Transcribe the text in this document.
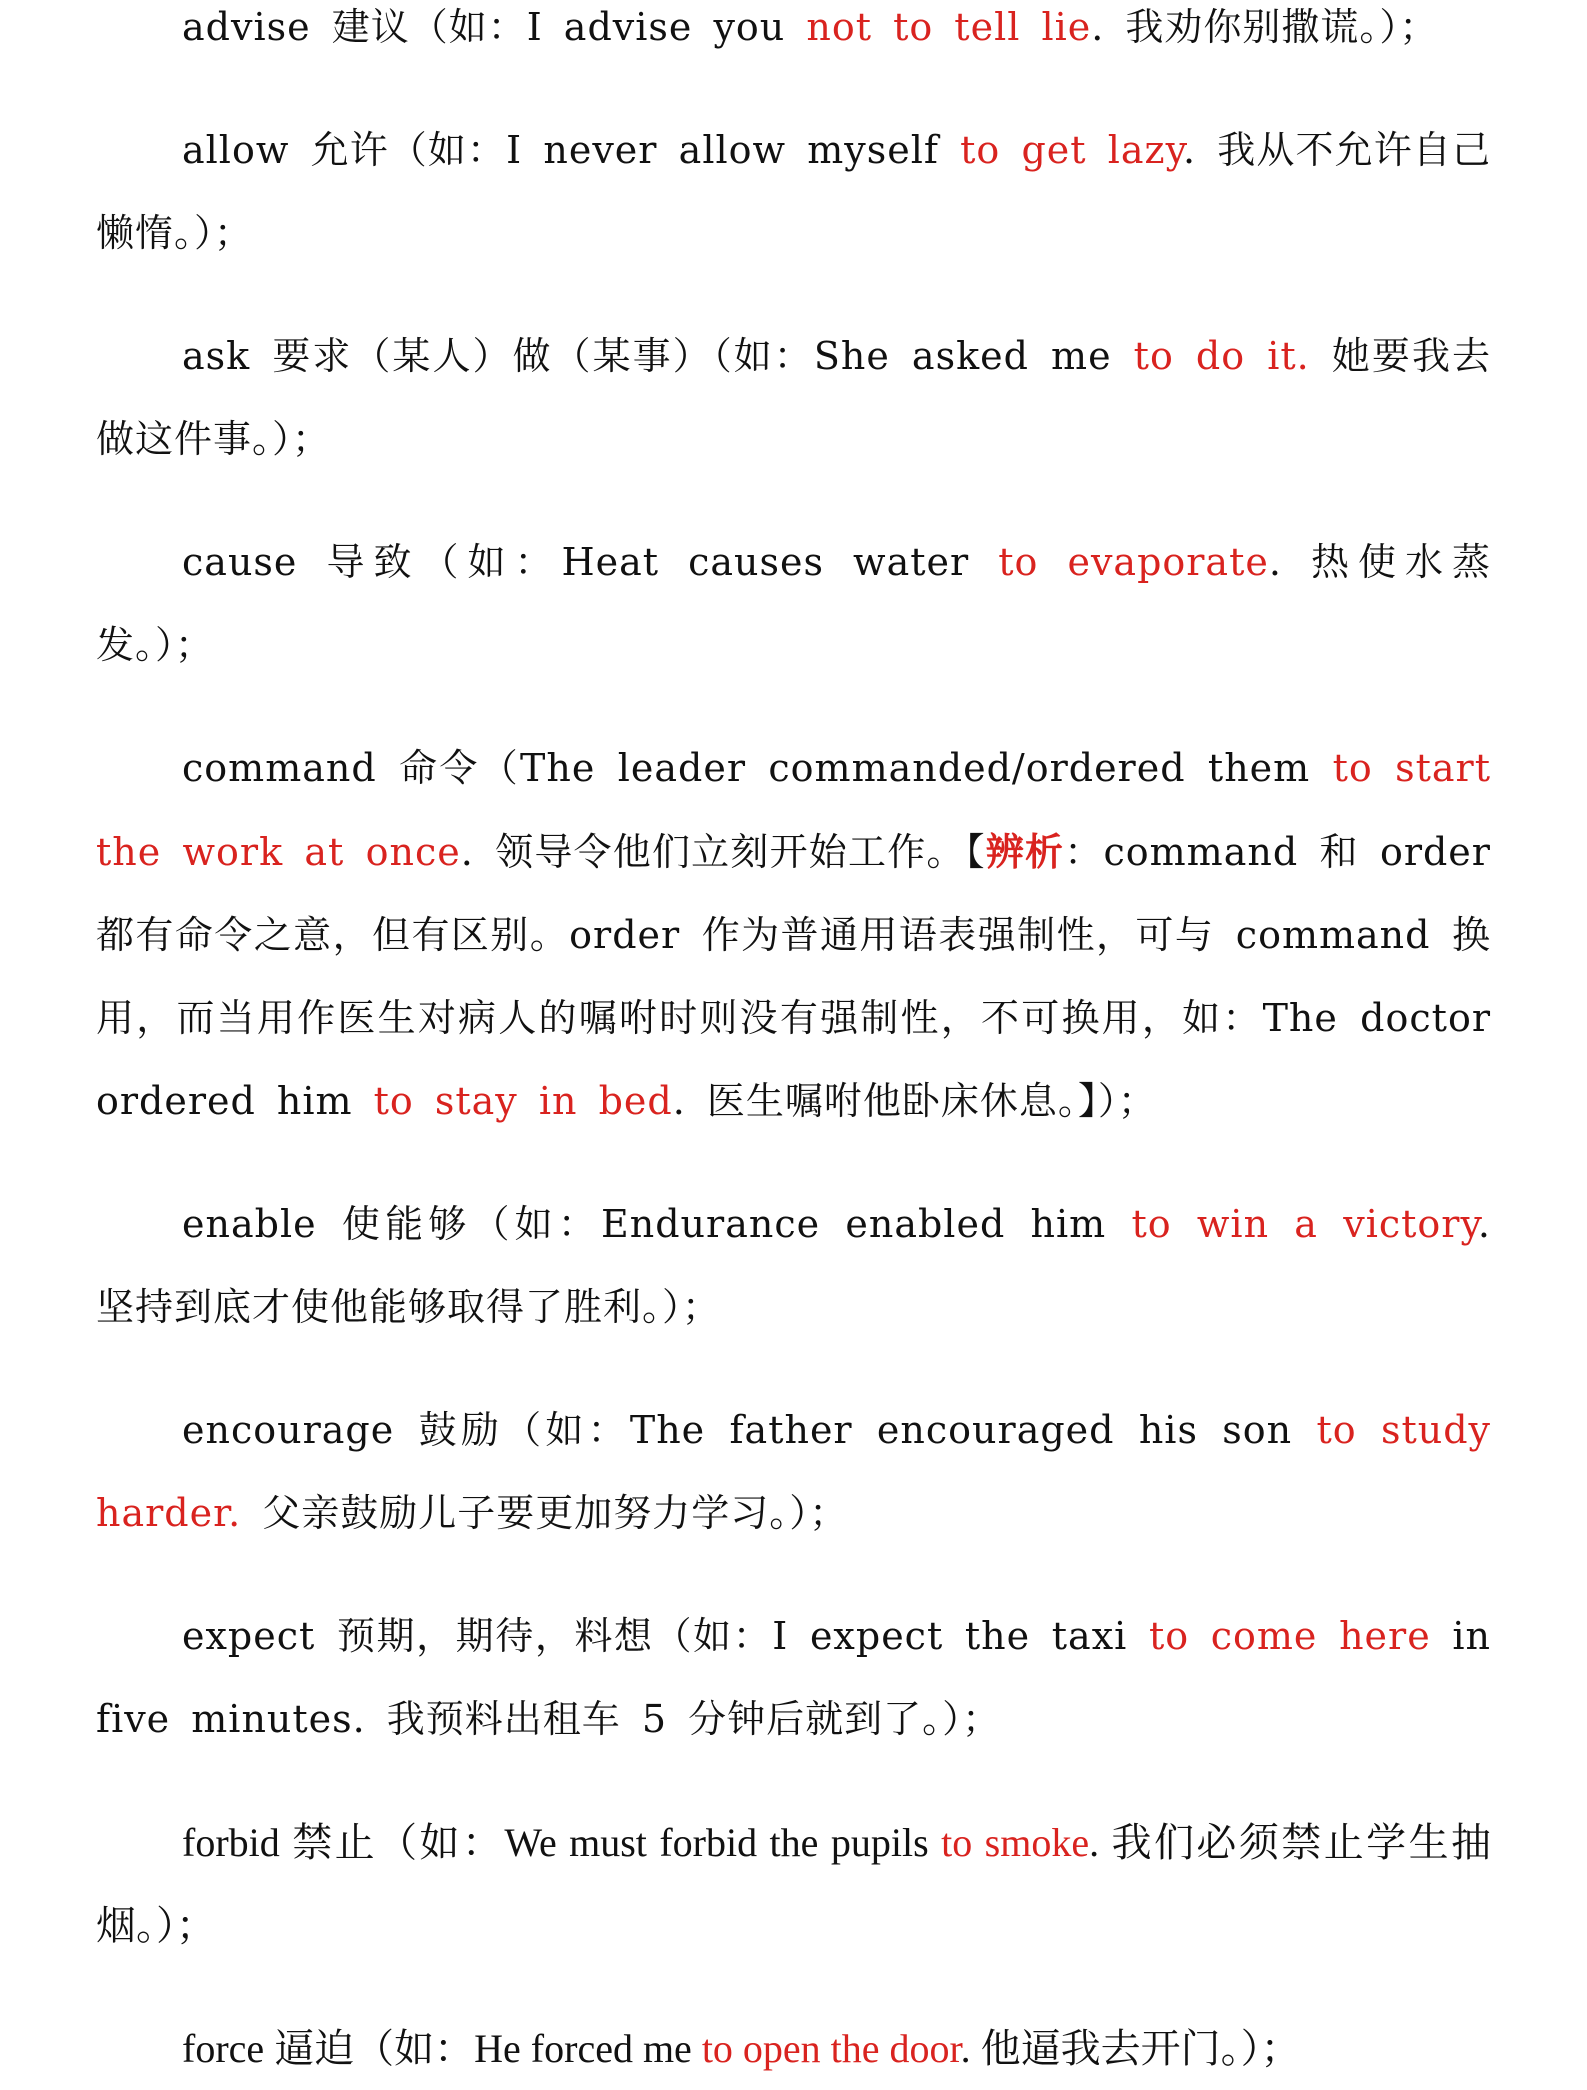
advise 建议（如：I advise you not to tell lie. 我劝你别撒谎。）；

allow 允许（如：I never allow myself to get lazy. 我从不允许自己懒惰。）；

ask 要求（某人）做（某事）（如：She asked me to do it. 她要我去做这件事。）；

cause 导致（如：Heat causes water to evaporate. 热使水蒸发。）；

command 命令（The leader commanded/ordered them to start the work at once. 领导令他们立刻开始工作。【辨析：command 和 order 都有命令之意，但有区别。order 作为普通用语表强制性，可与 command 换用，而当用作医生对病人的嘱咐时则没有强制性，不可换用，如：The doctor ordered him to stay in bed. 医生嘱咐他卧床休息。】）；

enable 使能够（如：Endurance enabled him to win a victory. 坚持到底才使他能够取得了胜利。）；

encourage 鼓励（如：The father encouraged his son to study harder. 父亲鼓励儿子要更加努力学习。）；

expect 预期，期待，料想（如：I expect the taxi to come here in five minutes. 我预料出租车 5 分钟后就到了。）；

forbid 禁止（如：We must forbid the pupils to smoke. 我们必须禁止学生抽烟。）；

force 逼迫（如：He forced me to open the door. 他逼我去开门。）；
